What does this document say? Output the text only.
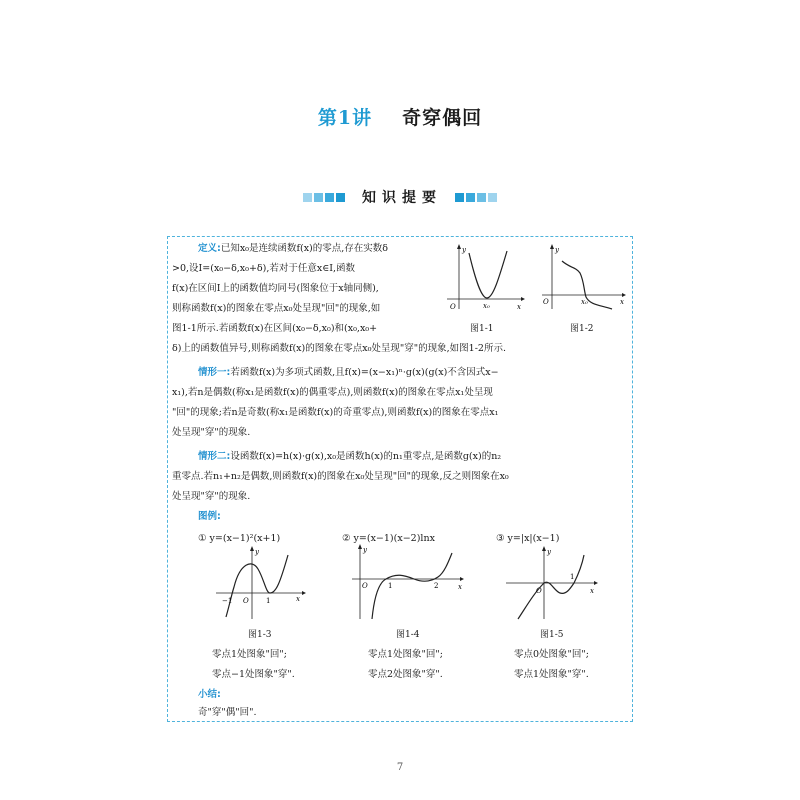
第1讲 奇穿偶回
知识提要
定义:已知x₀是连续函数f(x)的零点,存在实数δ
>0,设I=(x₀−δ,x₀+δ),若对于任意x∈I,函数
f(x)在区间I上的函数值均同号(图象位于x轴同侧),
则称函数f(x)的图象在零点x₀处呈现"回"的现象,如
图1-1所示.若函数f(x)在区间(x₀−δ,x₀)和(x₀,x₀+
δ)上的函数值异号,则称函数f(x)的图象在零点x₀处呈现"穿"的现象,如图1-2所示.
O	x₀	x
y
图1-1
O	x₀	x
y
图1-2
情形一:若函数f(x)为多项式函数,且f(x)=(x−x₁)ⁿ·g(x)(g(x)不含因式x−
x₁),若n是偶数(称x₁是函数f(x)的偶重零点),则函数f(x)的图象在零点x₁处呈现
"回"的现象;若n是奇数(称x₁是函数f(x)的奇重零点),则函数f(x)的图象在零点x₁
处呈现"穿"的现象.
情形二:设函数f(x)=h(x)·g(x),x₀是函数h(x)的n₁重零点,是函数g(x)的n₂
重零点.若n₁+n₂是偶数,则函数f(x)的图象在x₀处呈现"回"的现象,反之则图象在x₀
处呈现"穿"的现象.
图例:
① y=(x−1)²(x+1)	② y=(x−1)(x−2)lnx	③ y=|x|(x−1)
−1 O 1	x
y
图1-3
O	1	2	x
y
图1-4
O
1
x
y
图1-5
零点1处图象"回";
零点−1处图象"穿".
零点1处图象"回";
零点2处图象"穿".
零点0处图象"回";
零点1处图象"穿".
小结:
奇"穿"偶"回".
7
